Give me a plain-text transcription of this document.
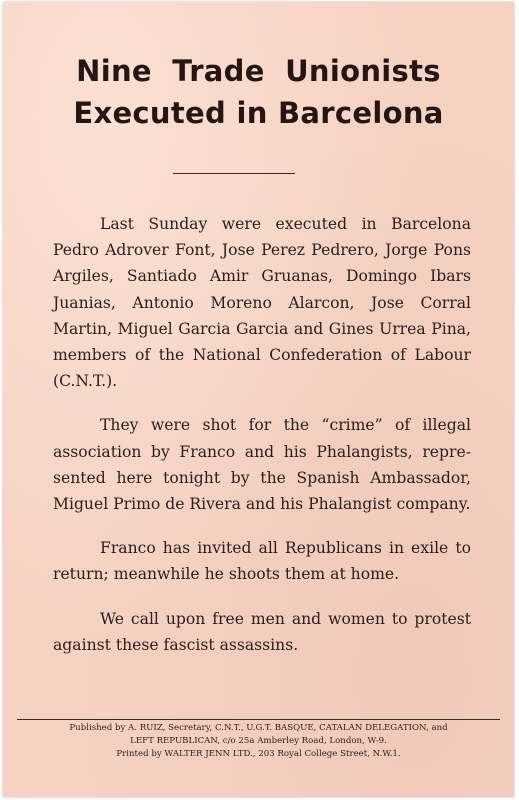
Nine Trade Unionists
Executed in Barcelona

Last Sunday were executed in Barcelona Pedro Adrover Font, Jose Perez Pedrero, Jorge Pons Argiles, Santiado Amir Gruanas, Domingo Ibars Juanias, Antonio Moreno Alarcon, Jose Corral Martin, Miguel Garcia Garcia and Gines Urrea Pina, members of the National Confederation of Labour (C.N.T.).

They were shot for the “crime” of illegal association by Franco and his Phalangists, represented here tonight by the Spanish Ambassador, Miguel Primo de Rivera and his Phalangist company.

Franco has invited all Republicans in exile to return; meanwhile he shoots them at home.

We call upon free men and women to protest against these fascist assassins.

Published by A. RUIZ, Secretary, C.N.T., U.G.T. BASQUE, CATALAN DELEGATION, and
LEFT REPUBLICAN, c/o 25a Amberley Road, London, W-9.
Printed by WALTER JENN LTD., 203 Royal College Street, N.W.1.
